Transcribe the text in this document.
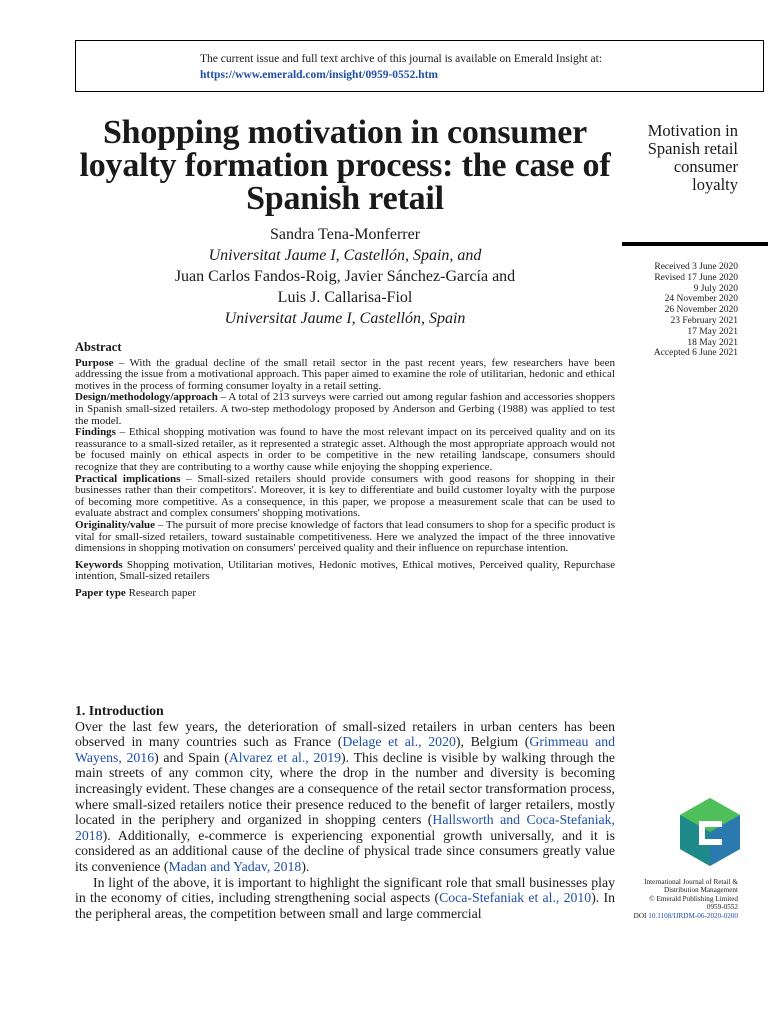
The current issue and full text archive of this journal is available on Emerald Insight at:
https://www.emerald.com/insight/0959-0552.htm
Shopping motivation in consumer loyalty formation process: the case of Spanish retail
Sandra Tena-Monferrer
Universitat Jaume I, Castellón, Spain, and
Juan Carlos Fandos-Roig, Javier Sánchez-García and
Luis J. Callarisa-Fiol
Universitat Jaume I, Castellón, Spain
Motivation in
Spanish retail
consumer
loyalty
Received 3 June 2020
Revised 17 June 2020
9 July 2020
24 November 2020
26 November 2020
23 February 2021
17 May 2021
18 May 2021
Accepted 6 June 2021
Abstract

Purpose – With the gradual decline of the small retail sector in the past recent years, few researchers have been addressing the issue from a motivational approach. This paper aimed to examine the role of utilitarian, hedonic and ethical motives in the process of forming consumer loyalty in a retail setting.

Design/methodology/approach – A total of 213 surveys were carried out among regular fashion and accessories shoppers in Spanish small-sized retailers. A two-step methodology proposed by Anderson and Gerbing (1988) was applied to test the model.

Findings – Ethical shopping motivation was found to have the most relevant impact on its perceived quality and on its reassurance to a small-sized retailer, as it represented a strategic asset. Although the most appropriate approach would not be focused mainly on ethical aspects in order to be competitive in the new retailing landscape, consumers should recognize that they are contributing to a worthy cause while enjoying the shopping experience.

Practical implications – Small-sized retailers should provide consumers with good reasons for shopping in their businesses rather than their competitors'. Moreover, it is key to differentiate and build customer loyalty with the purpose of becoming more competitive. As a consequence, in this paper, we propose a measurement scale that can be used to evaluate abstract and complex consumers' shopping motivations.

Originality/value – The pursuit of more precise knowledge of factors that lead consumers to shop for a specific product is vital for small-sized retailers, toward sustainable competitiveness. Here we analyzed the impact of the three innovative dimensions in shopping motivation on consumers' perceived quality and their influence on repurchase intention.

Keywords Shopping motivation, Utilitarian motives, Hedonic motives, Ethical motives, Perceived quality, Repurchase intention, Small-sized retailers

Paper type Research paper

1. Introduction

Over the last few years, the deterioration of small-sized retailers in urban centers has been observed in many countries such as France (Delage et al., 2020), Belgium (Grimmeau and Wayens, 2016) and Spain (Alvarez et al., 2019). This decline is visible by walking through the main streets of any common city, where the drop in the number and diversity is becoming increasingly evident. These changes are a consequence of the retail sector transformation process, where small-sized retailers notice their presence reduced to the benefit of larger retailers, mostly located in the periphery and organized in shopping centers (Hallsworth and Coca-Stefaniak, 2018). Additionally, e-commerce is experiencing exponential growth universally, and it is considered as an additional cause of the decline of physical trade since consumers greatly value its convenience (Madan and Yadav, 2018).

In light of the above, it is important to highlight the significant role that small businesses play in the economy of cities, including strengthening social aspects (Coca-Stefaniak et al., 2010). In the peripheral areas, the competition between small and large commercial

International Journal of Retail &
Distribution Management
© Emerald Publishing Limited
0959-0552
DOI 10.1108/IJRDM-06-2020-0200
